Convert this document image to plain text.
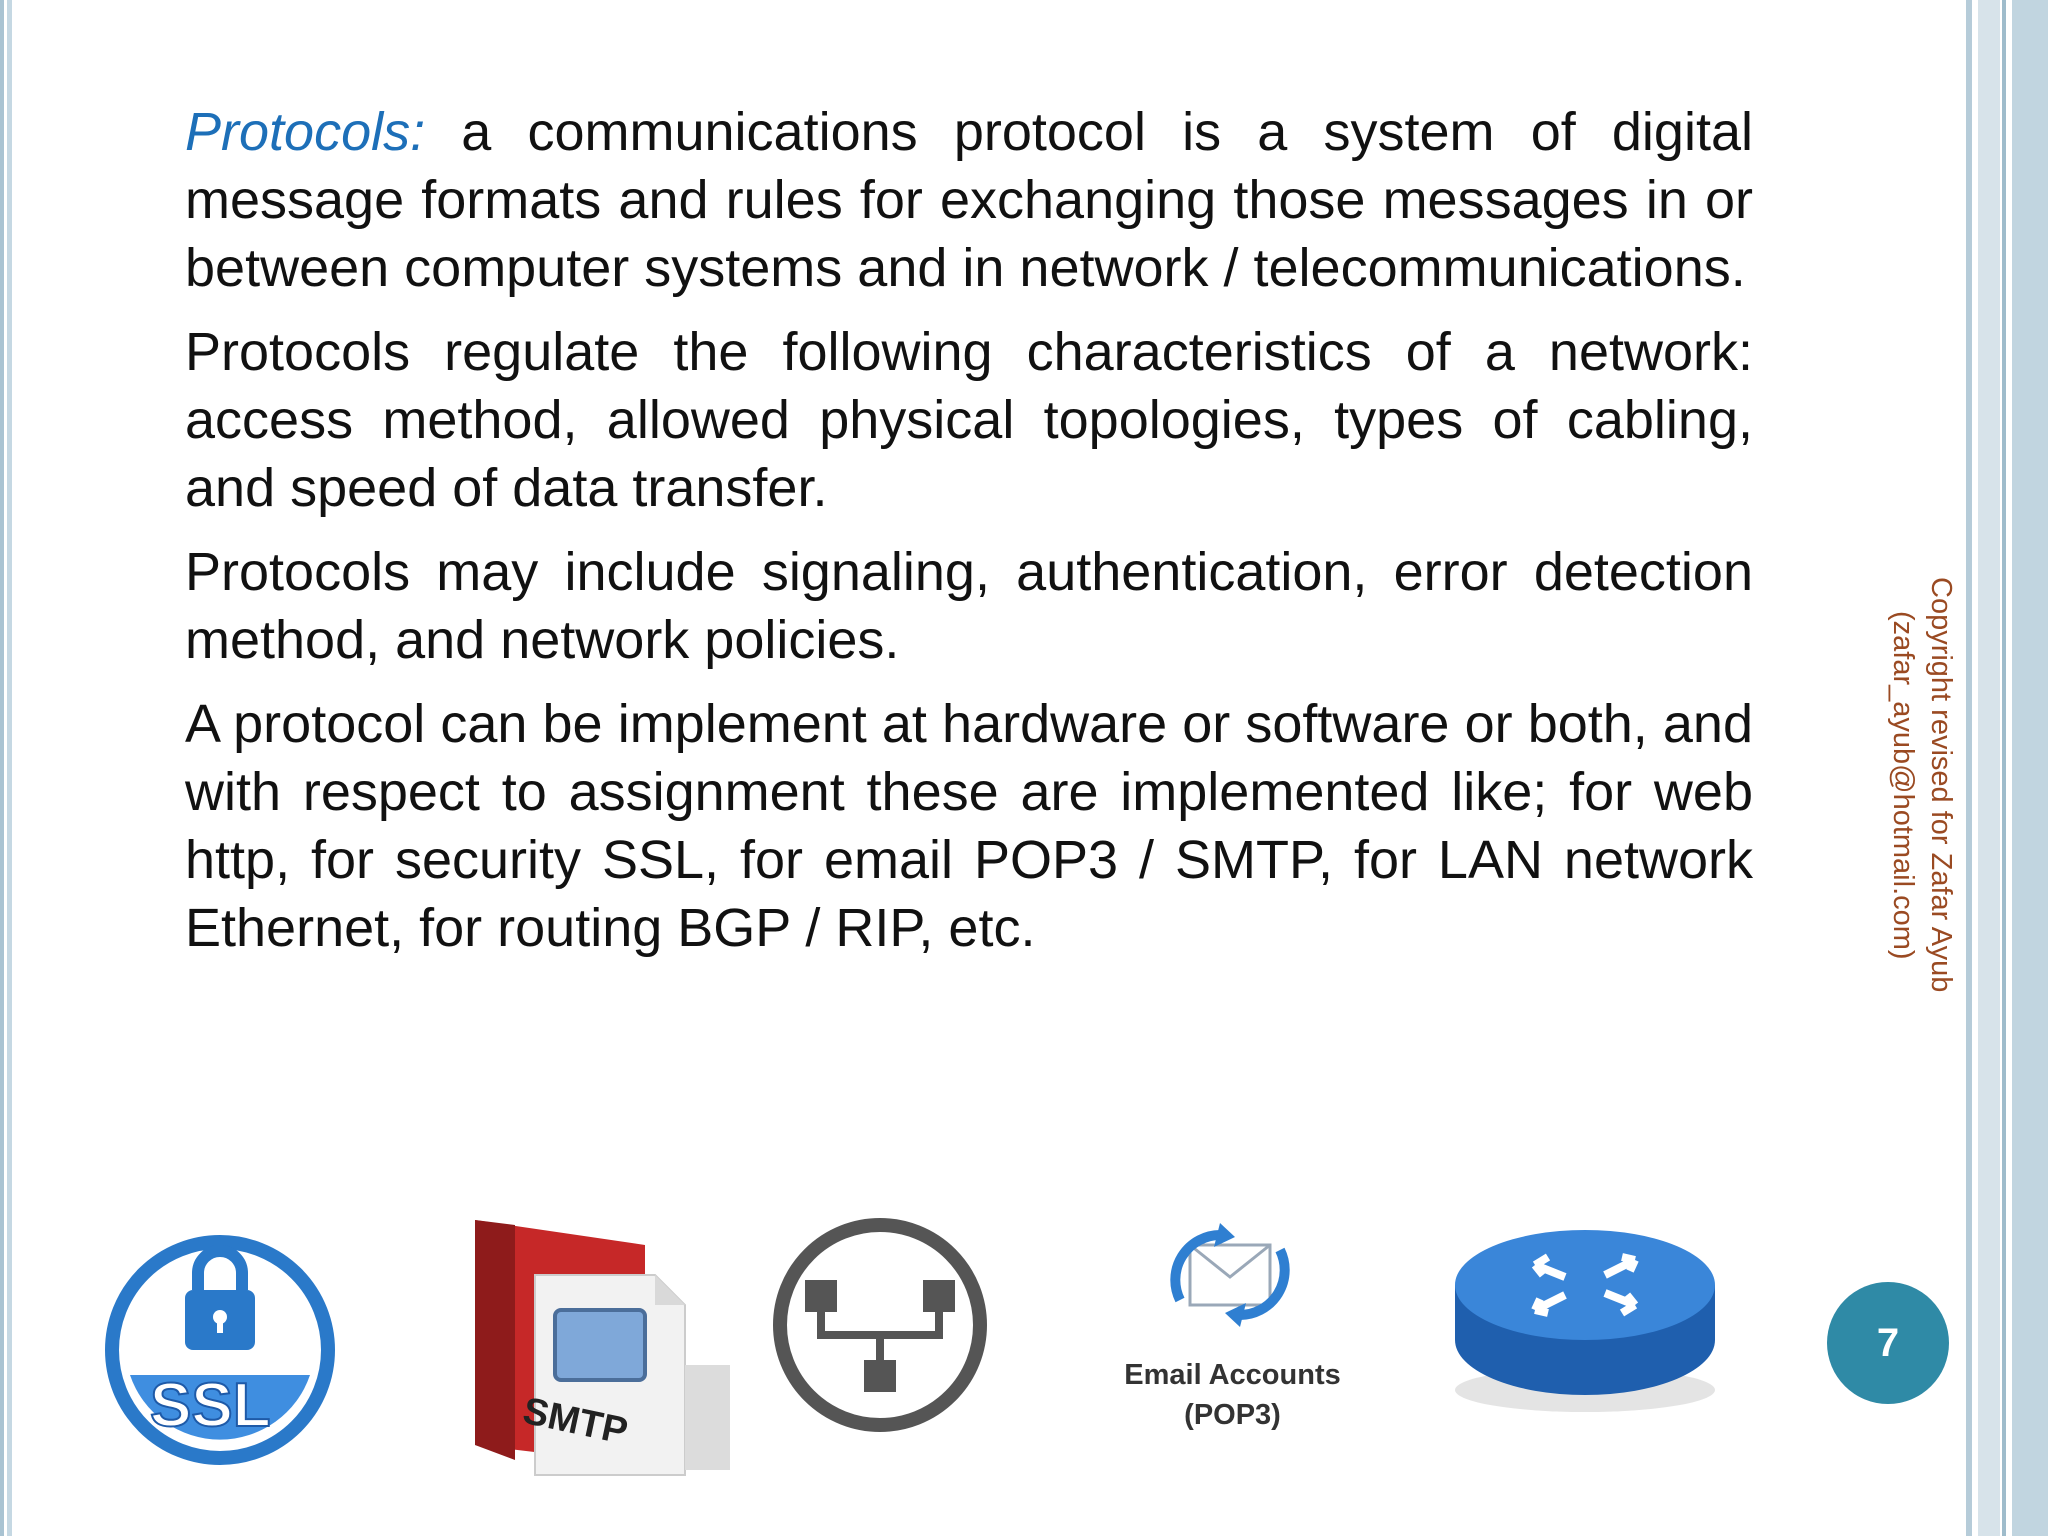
Protocols: a communications protocol is a system of digital message formats and rules for exchanging those messages in or between computer systems and in network / telecommunications.

Protocols regulate the following characteristics of a network: access method, allowed physical topologies, types of cabling, and speed of data transfer.

Protocols may include signaling, authentication, error detection method, and network policies.

A protocol can be implement at hardware or software or both, and with respect to assignment these are implemented like; for web http, for security SSL, for email POP3 / SMTP, for LAN network Ethernet, for routing BGP / RIP, etc.	Copyright revised for Zafar Ayub
(zafar_ayub@hotmail.com)
7
SSL	SMTP
Email Accounts
(POP3)
